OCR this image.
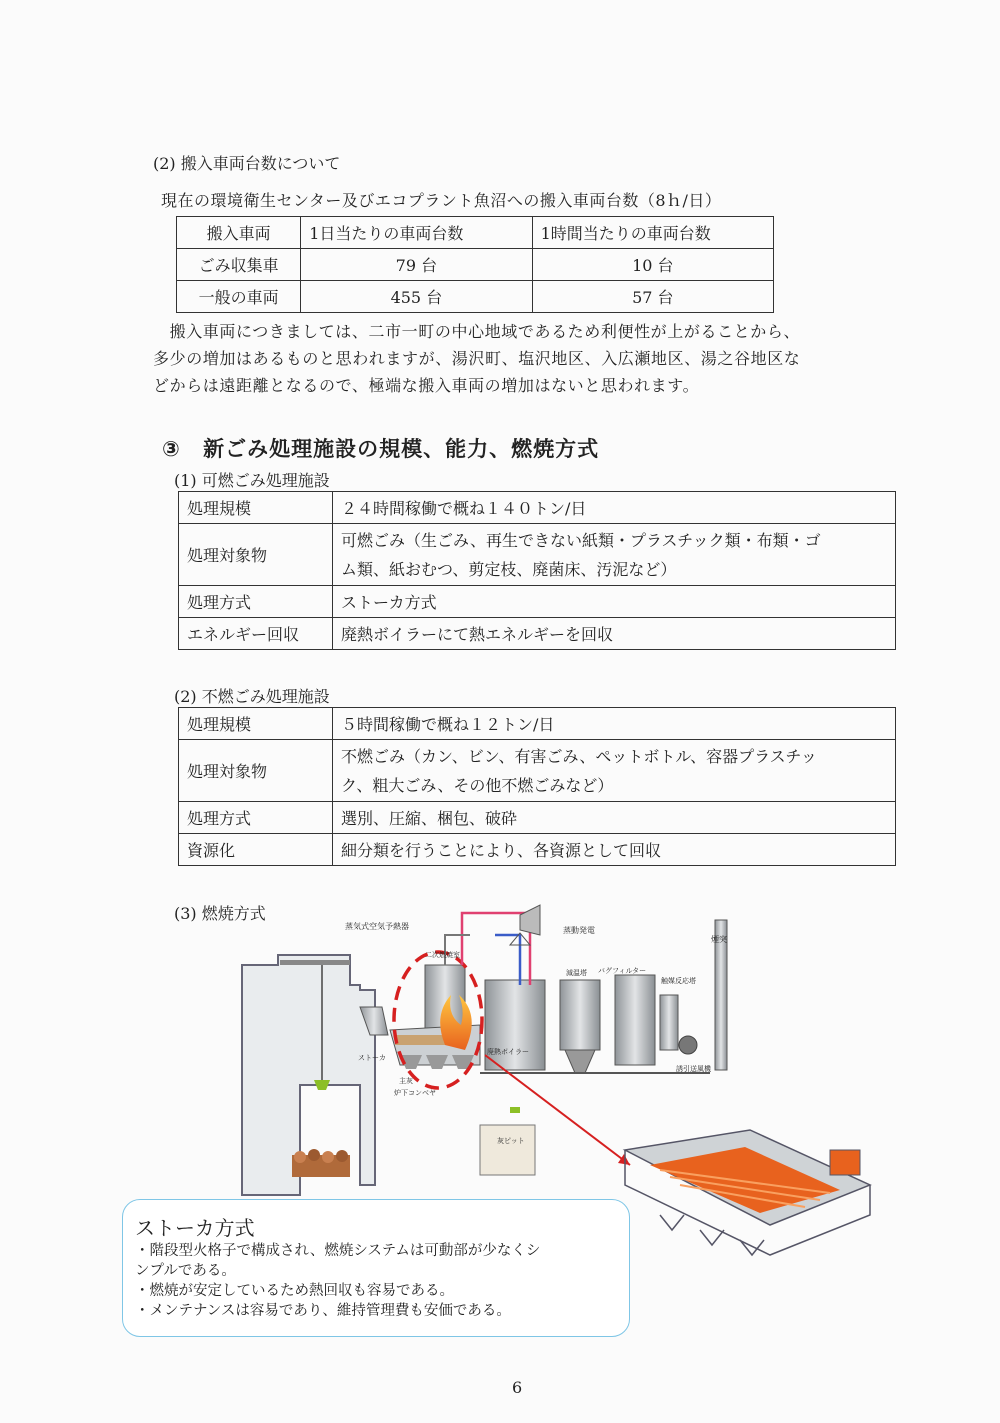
(2) 搬入車両台数について
現在の環境衛生センター及びエコプラント魚沼への搬入車両台数（8ｈ/日）
搬入車両	1日当たりの車両台数	1時間当たりの車両台数
ごみ収集車	79 台	10 台
一般の車両	455 台	57 台
　搬入車両につきましては、二市一町の中心地域であるため利便性が上がることから、
多少の増加はあるものと思われますが、湯沢町、塩沢地区、入広瀬地区、湯之谷地区な
どからは遠距離となるので、極端な搬入車両の増加はないと思われます。
③ 新ごみ処理施設の規模、能力、燃焼方式
(1) 可燃ごみ処理施設
処理規模	２４時間稼働で概ね１４０トン/日
処理対象物	可燃ごみ（生ごみ、再生できない紙類・プラスチック類・布類・ゴ
ム類、紙おむつ、剪定枝、廃菌床、汚泥など）

処理方式	ストーカ方式
エネルギー回収	廃熱ボイラーにて熱エネルギーを回収
(2) 不燃ごみ処理施設
処理規模	５時間稼働で概ね１２トン/日
処理対象物	不燃ごみ（カン、ビン、有害ごみ、ペットボトル、容器プラスチッ
ク、粗大ごみ、その他不燃ごみなど）

処理方式	選別、圧縮、梱包、破砕
資源化	細分類を行うことにより、各資源として回収
(3) 燃焼方式
蒸気式空気予熱器	蒸動発電
煙突
二次燃焼室
減温塔 バグフィルター
触媒反応塔
ストーカ
廃熱ボイラー
誘引送風機
主灰
炉下コンベヤ
灰ピット
ストーカ方式
・階段型火格子で構成され、燃焼システムは可動部が少なくシ
ンプルである。
・燃焼が安定しているため熱回収も容易である。
・メンテナンスは容易であり、維持管理費も安価である。
6
